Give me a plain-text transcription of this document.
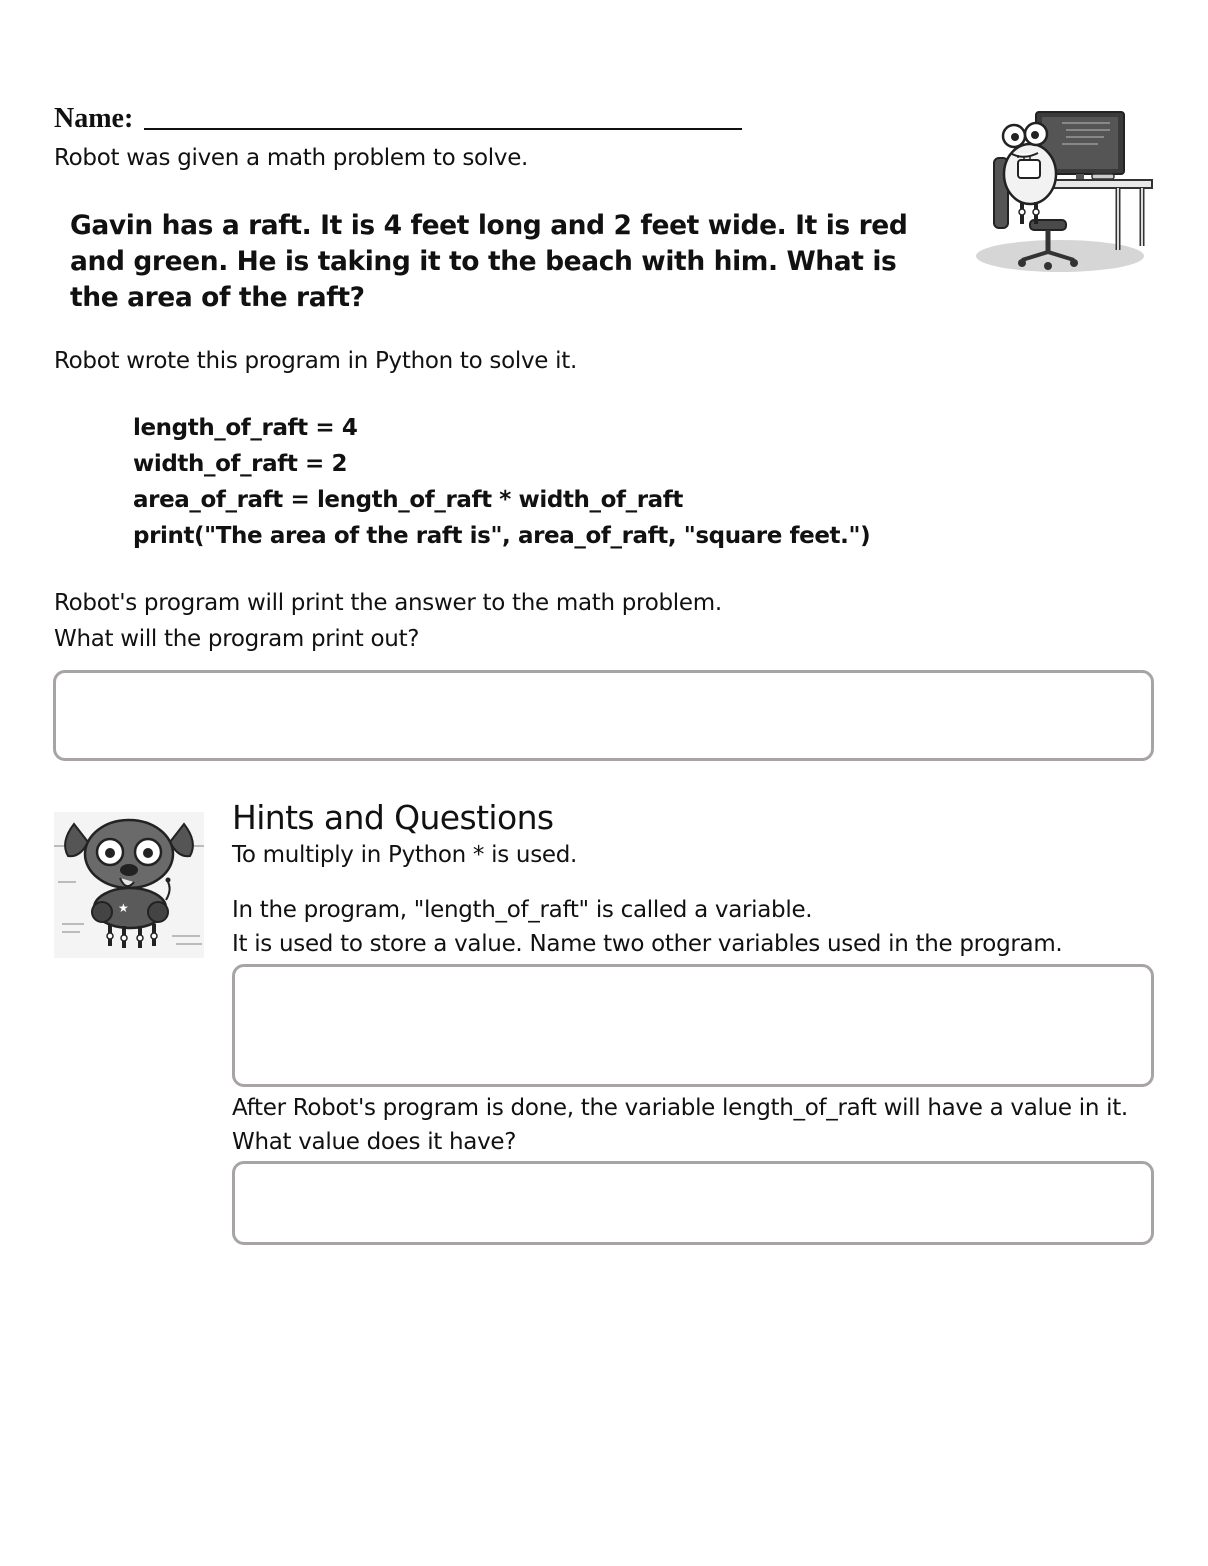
Name:
Robot was given a math problem to solve.
Gavin has a raft. It is 4 feet long and 2 feet wide. It is red and green. He is taking it to the beach with him. What is the area of the raft?
Robot wrote this program in Python to solve it.
length_of_raft = 4
width_of_raft = 2
area_of_raft = length_of_raft * width_of_raft
print("The area of the raft is", area_of_raft, "square feet.")
Robot's program will print the answer to the math problem.
What will the program print out?
★
Hints and Questions
To multiply in Python * is used.
In the program, "length_of_raft" is called a variable.
It is used to store a value. Name two other variables used in the program.
After Robot's program is done, the variable length_of_raft will have a value in it.
What value does it have?
